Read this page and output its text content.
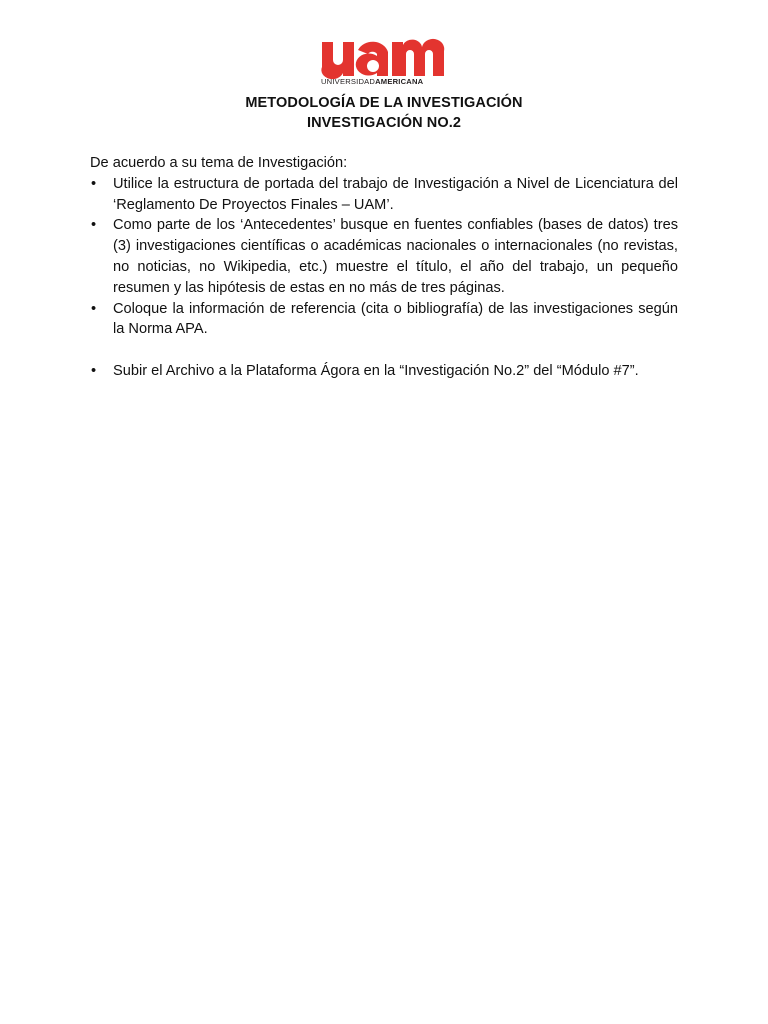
UNIVERSIDADAMERICANA
METODOLOGÍA DE LA INVESTIGACIÓN
INVESTIGACIÓN NO.2

De acuerdo a su tema de Investigación:

• Utilice la estructura de portada del trabajo de Investigación a Nivel de Licenciatura del ‘Reglamento De Proyectos Finales – UAM’.
• Como parte de los ‘Antecedentes’ busque en fuentes confiables (bases de datos) tres (3) investigaciones científicas o académicas nacionales o internacionales (no revistas, no noticias, no Wikipedia, etc.) muestre el título, el año del trabajo, un pequeño resumen y las hipótesis de estas en no más de tres páginas.
• Coloque la información de referencia (cita o bibliografía) de las investigaciones según la Norma APA.
• Subir el Archivo a la Plataforma Ágora en la “Investigación No.2” del “Módulo #7”.
